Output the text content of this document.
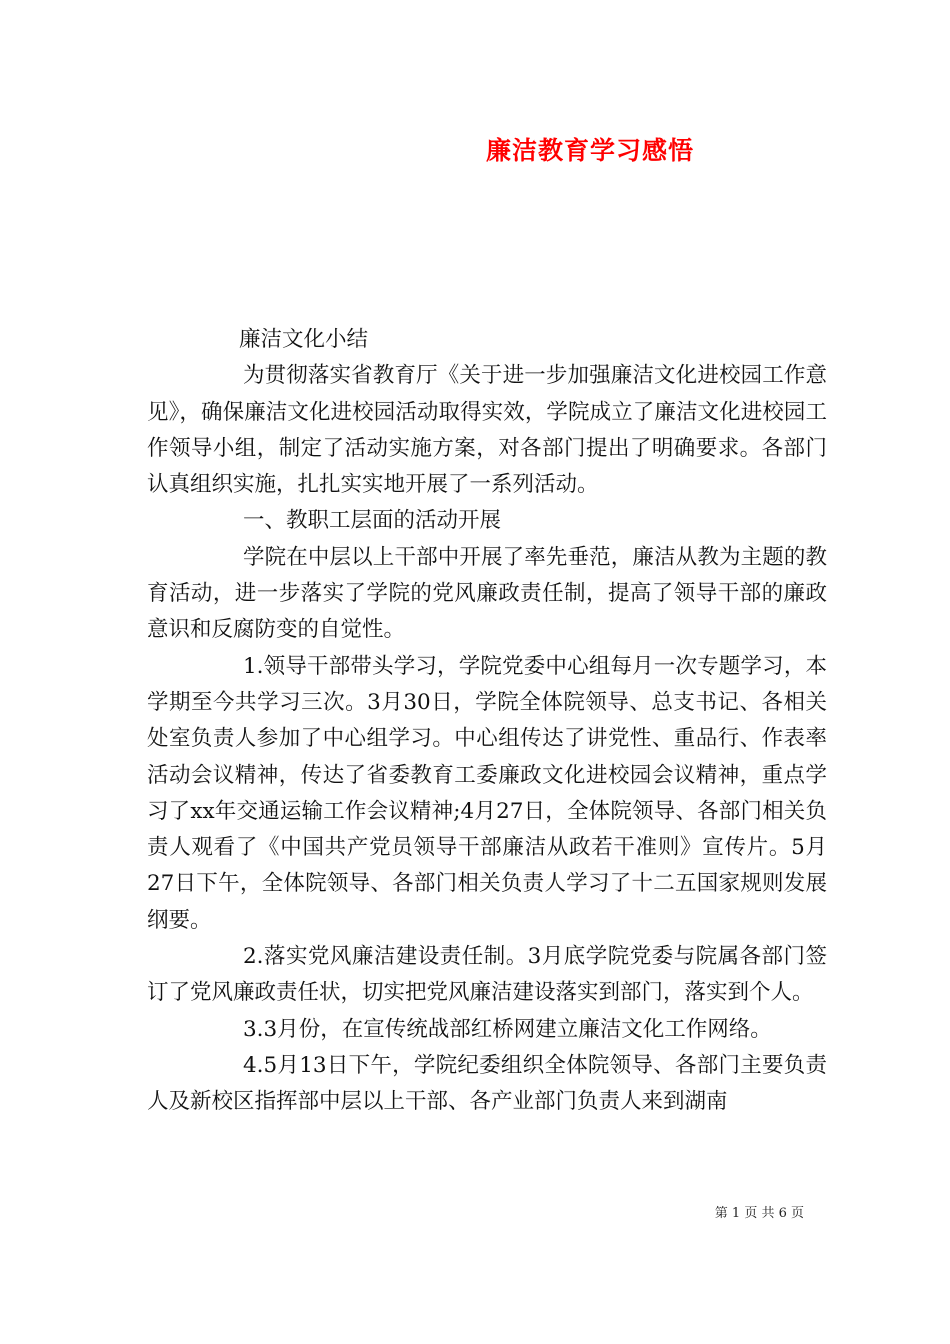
廉洁教育学习感悟

廉洁文化小结

为贯彻落实省教育厅《关于进一步加强廉洁文化进校园工作意见》，确保廉洁文化进校园活动取得实效，学院成立了廉洁文化进校园工作领导小组，制定了活动实施方案，对各部门提出了明确要求。各部门认真组织实施，扎扎实实地开展了一系列活动。

一、教职工层面的活动开展

学院在中层以上干部中开展了率先垂范，廉洁从教为主题的教育活动，进一步落实了学院的党风廉政责任制，提高了领导干部的廉政意识和反腐防变的自觉性。

1.领导干部带头学习，学院党委中心组每月一次专题学习，本学期至今共学习三次。3月30日，学院全体院领导、总支书记、各相关处室负责人参加了中心组学习。中心组传达了讲党性、重品行、作表率活动会议精神，传达了省委教育工委廉政文化进校园会议精神，重点学习了xx年交通运输工作会议精神;4月27日，全体院领导、各部门相关负责人观看了《中国共产党员领导干部廉洁从政若干准则》宣传片。5月27日下午，全体院领导、各部门相关负责人学习了十二五国家规则发展纲要。

2.落实党风廉洁建设责任制。3月底学院党委与院属各部门签订了党风廉政责任状，切实把党风廉洁建设落实到部门，落实到个人。

3.3月份，在宣传统战部红桥网建立廉洁文化工作网络。

4.5月13日下午，学院纪委组织全体院领导、各部门主要负责人及新校区指挥部中层以上干部、各产业部门负责人来到湖南

第 1 页 共 6 页
